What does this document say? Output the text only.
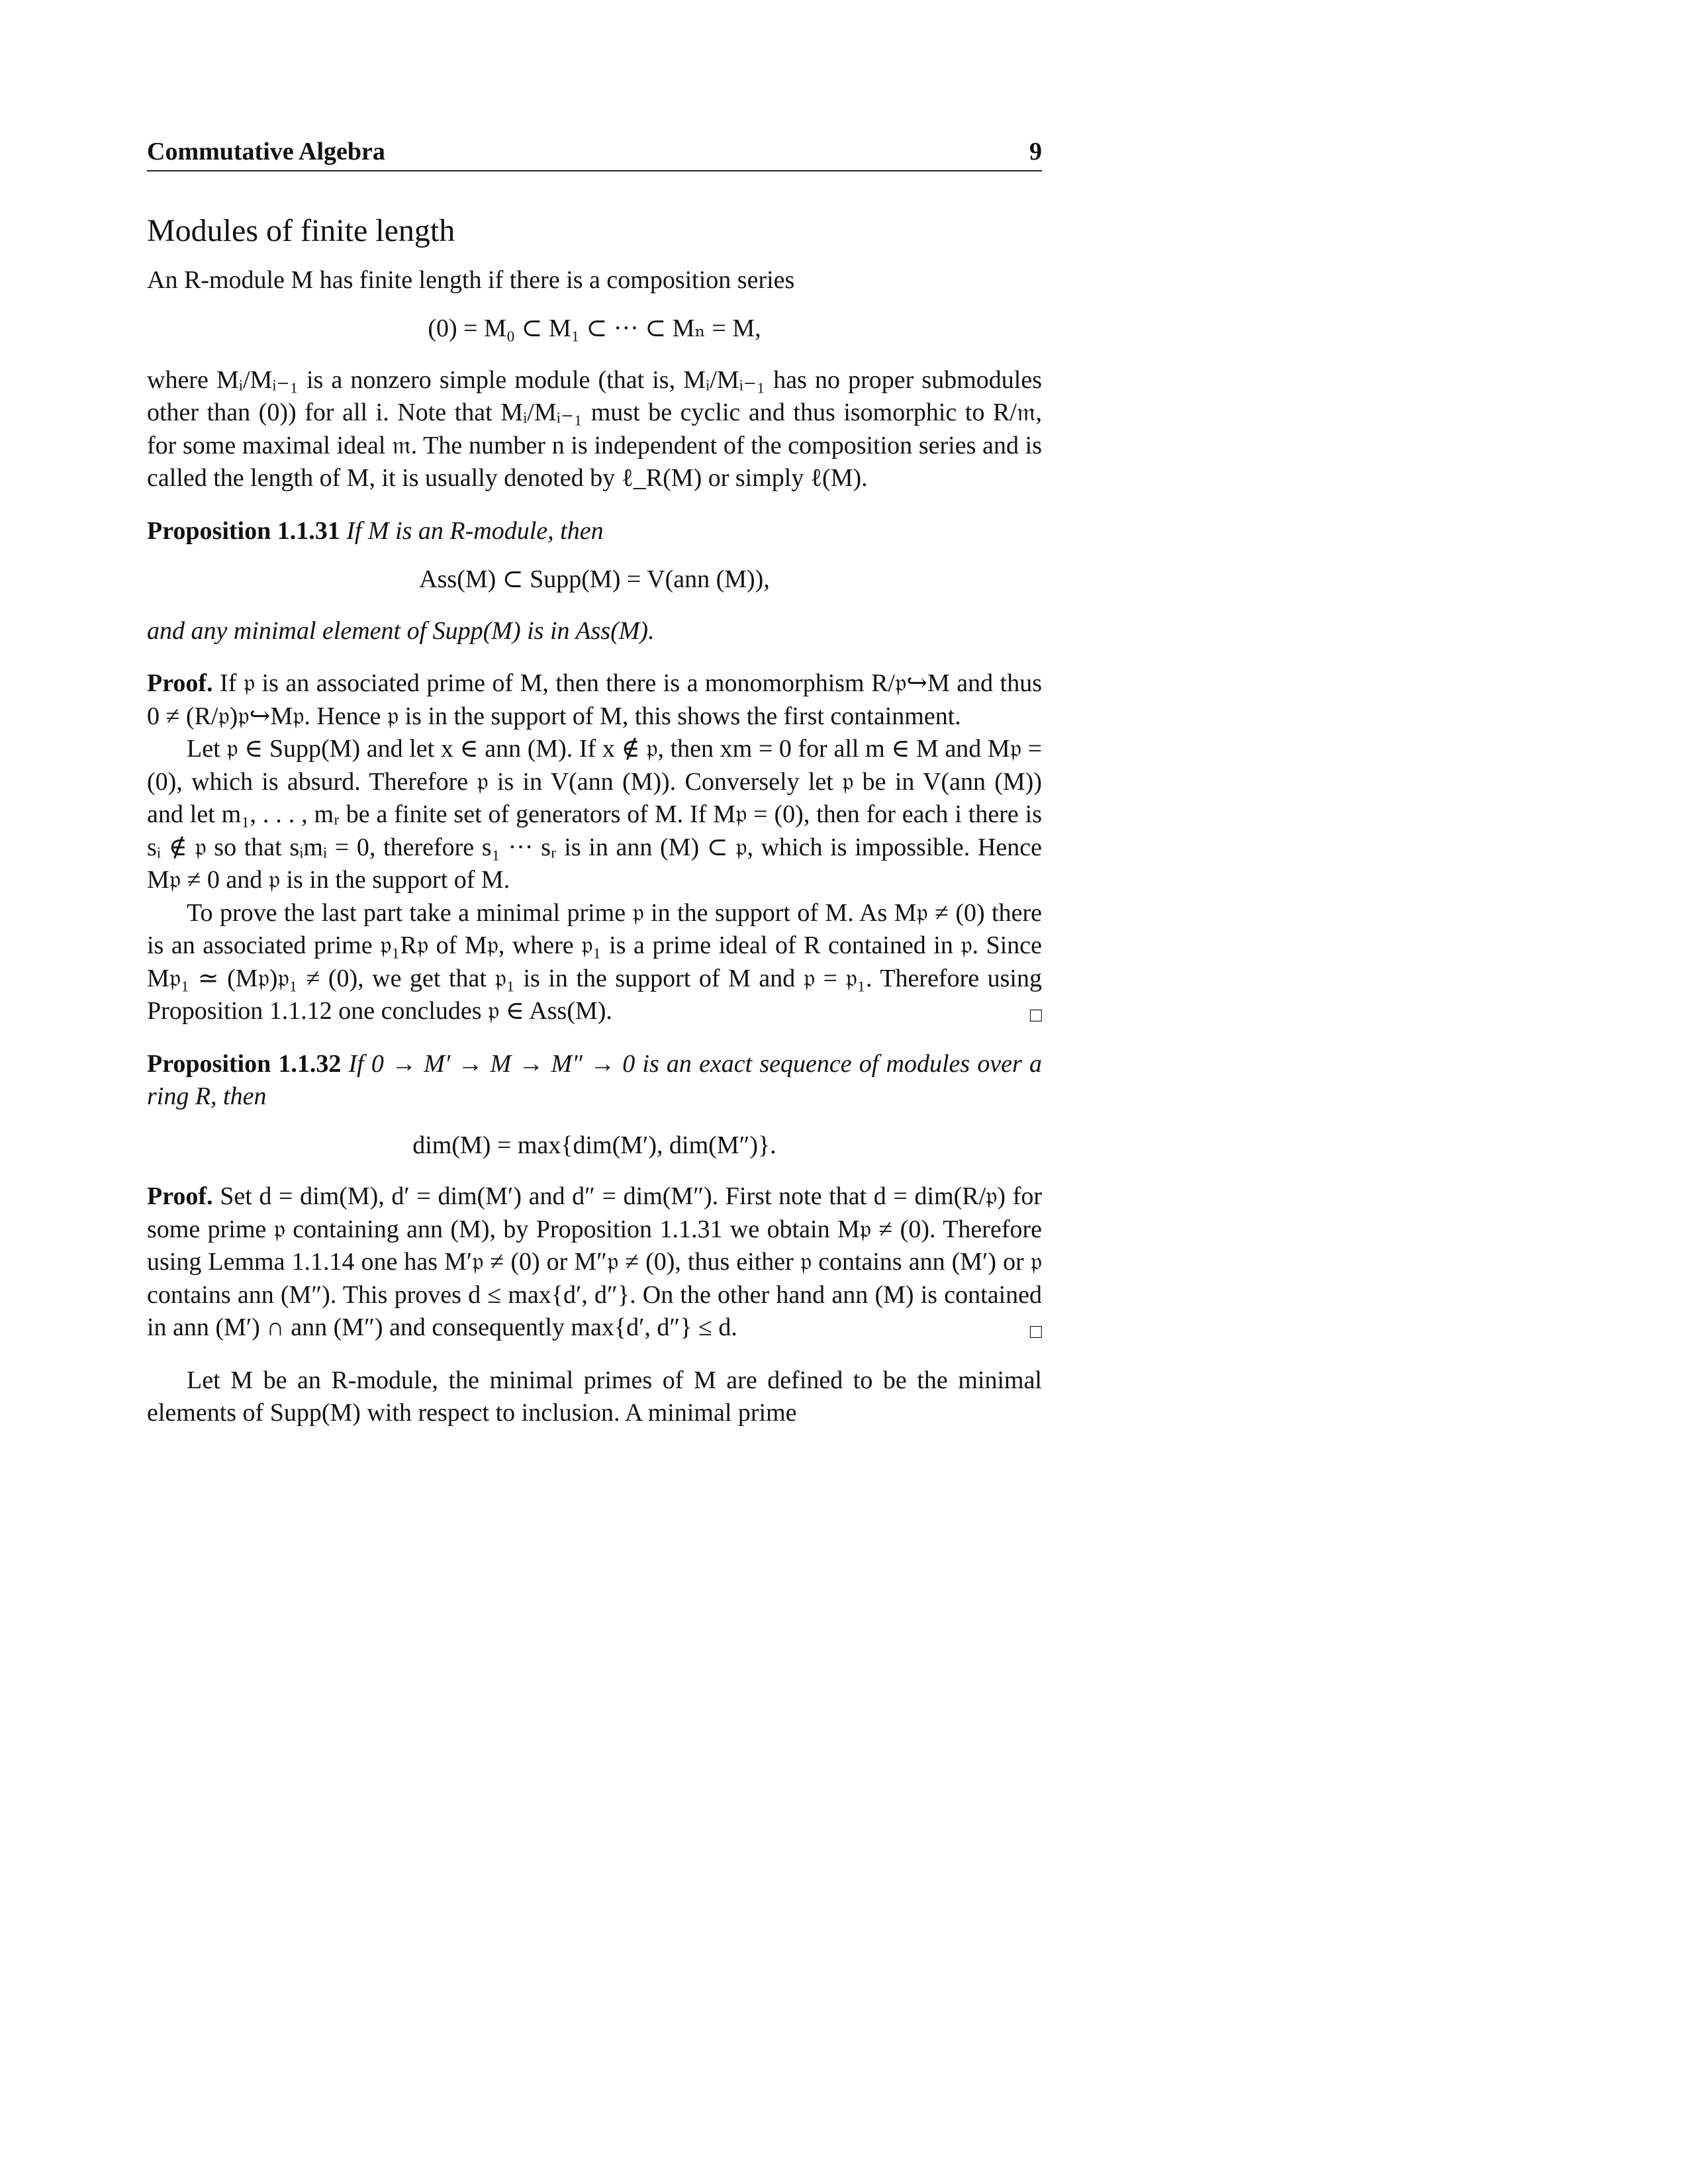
Commutative Algebra	9
Modules of finite length

An R-module M has finite length if there is a composition series

(0) = M₀ ⊂ M₁ ⊂ ··· ⊂ Mₙ = M,

where Mᵢ/Mᵢ₋₁ is a nonzero simple module (that is, Mᵢ/Mᵢ₋₁ has no proper submodules other than (0)) for all i. Note that Mᵢ/Mᵢ₋₁ must be cyclic and thus isomorphic to R/𝔪, for some maximal ideal 𝔪. The number n is independent of the composition series and is called the length of M, it is usually denoted by ℓ_R(M) or simply ℓ(M).

Proposition 1.1.31 If M is an R-module, then

Ass(M) ⊂ Supp(M) = V(ann (M)),

and any minimal element of Supp(M) is in Ass(M).

Proof. If 𝔭 is an associated prime of M, then there is a monomorphism R/𝔭↪M and thus 0 ≠ (R/𝔭)𝔭↪M𝔭. Hence 𝔭 is in the support of M, this shows the first containment.

Let 𝔭 ∈ Supp(M) and let x ∈ ann (M). If x ∉ 𝔭, then xm = 0 for all m ∈ M and M𝔭 = (0), which is absurd. Therefore 𝔭 is in V(ann (M)). Conversely let 𝔭 be in V(ann (M)) and let m₁, . . . , mᵣ be a finite set of generators of M. If M𝔭 = (0), then for each i there is sᵢ ∉ 𝔭 so that sᵢmᵢ = 0, therefore s₁ ··· sᵣ is in ann (M) ⊂ 𝔭, which is impossible. Hence M𝔭 ≠ 0 and 𝔭 is in the support of M.

To prove the last part take a minimal prime 𝔭 in the support of M. As M𝔭 ≠ (0) there is an associated prime 𝔭₁R𝔭 of M𝔭, where 𝔭₁ is a prime ideal of R contained in 𝔭. Since M𝔭₁ ≃ (M𝔭)𝔭₁ ≠ (0), we get that 𝔭₁ is in the support of M and 𝔭 = 𝔭₁. Therefore using Proposition 1.1.12 one concludes 𝔭 ∈ Ass(M).	□

Proposition 1.1.32 If 0 → M′ → M → M″ → 0 is an exact sequence of modules over a ring R, then

dim(M) = max{dim(M′), dim(M″)}.

Proof. Set d = dim(M), d′ = dim(M′) and d″ = dim(M″). First note that d = dim(R/𝔭) for some prime 𝔭 containing ann (M), by Proposition 1.1.31 we obtain M𝔭 ≠ (0). Therefore using Lemma 1.1.14 one has M′𝔭 ≠ (0) or M″𝔭 ≠ (0), thus either 𝔭 contains ann (M′) or 𝔭 contains ann (M″). This proves d ≤ max{d′, d″}. On the other hand ann (M) is contained in ann (M′) ∩ ann (M″) and consequently max{d′, d″} ≤ d.	□

Let M be an R-module, the minimal primes of M are defined to be the minimal elements of Supp(M) with respect to inclusion. A minimal prime
